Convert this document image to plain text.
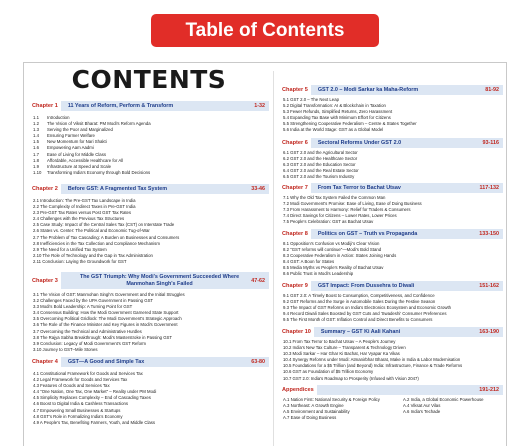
Table of Contents
CONTENTS
Chapter 1	11 Years of Reform, Perform & Transform	1-32
1.1 Introduction
1.2 The Vision of Viksit Bharat: PM Modi's Reform Agenda
1.3 Serving the Poor and Marginalized
1.4 Ensuring Farmer Welfare
1.5 New Momentum for Nari Shakti
1.6 Empowering Aam Aadmi
1.7 Ease of Living for Middle Class
1.8 Affordable, Accessible Healthcare for All
1.9 Infrastructure at Speed and Scale
1.10 Transforming India's Economy through Bold Decisions
Chapter 2	Before GST: A Fragmented Tax System	33-46
2.1 Introduction: The Pre-GST Tax Landscape in India
2.2 The Complexity of Indirect Taxes in Pre-GST India
2.3 Pre-GST Tax Rates versus Post GST Tax Rates
2.4 Challenges with the Previous Tax Structures
2.5 Case Study: Impact of the Central Sales Tax (CST) on Interstate Trade
2.6 States vs. Center: The Political and Economic Tug-of-War
2.7 The Problem of Tax Cascading: A Burden on Businesses and Consumers
2.8 Inefficiencies in the Tax Collection and Compliance Mechanism
2.9 The Need for a Unified Tax System
2.10 The Role of Technology and the Gap in Tax Administration
2.11 Conclusion: Laying the Groundwork for GST
Chapter 3
The GST Triumph: Why Modi's Government Succeeded Where Manmohan Singh's Failed	47-62
3.1 The Vision of GST: Manmohan Singh's Government and the Initial Struggles
3.2 Challenges Faced by the UPA Government in Passing GST
3.3 Modi's Bold Leadership: A Turning Point for GST
3.4 Consensus Building: How the Modi Government Garnered State Support
3.5 Overcoming Political Gridlock: The Modi Government's Strategic Approach
3.6 The Role of the Finance Minister and Key Figures in Modi's Government
3.7 Overcoming the Technical and Administrative Hurdles
3.8 The Rajya Sabha Breakthrough: Modi's Masterstroke in Passing GST
3.9 Conclusion: Legacy of Modi Government's GST Reform
3.10 Journey to GST–Mile Stones
Chapter 4	GST—A Good and Simple Tax	63-80
4.1 Constitutional Framework for Goods and Services Tax
4.2 Legal Framework for Goods and Services Tax
4.3 Features of Goods and Services Tax
4.4 "One Nation, One Tax, One Market" – Reality under PM Modi
4.5 Simplicity Replaces Complexity – End of Cascading Taxes
4.6 Boost to Digital India & Cashless Transactions
4.7 Empowering Small Businesses & Startups
4.8 GST's Role in Formalizing India's Economy
4.9 A People's Tax, Benefiting Farmers, Youth, and Middle Class
Chapter 5	GST 2.0 – Modi Sarkar ka Maha-Reform	81-92
5.1 GST 2.0 – The Next Leap
5.2 Digital Transformation: AI & Blockchain in Taxation
5.3 Fewer Refunds, Simplified Returns, Zero Harassment
5.4 Expanding Tax Base with Minimum Effort for Citizens
5.5 Strengthening Cooperative Federalism – Centre & States Together
5.6 India at the World Stage: GST as a Global Model
Chapter 6	Sectoral Reforms Under GST 2.0	93-116
6.1 GST 2.0 and the Agricultural Sector
6.2 GST 2.0 and the Healthcare Sector
6.3 GST 2.0 and the Education Sector
6.4 GST 2.0 and the Real Estate Sector
6.5 GST 2.0 and the Tourism Industry
Chapter 7	From Tax Terror to Bachat Utsav	117-132
7.1 Why the Old Tax System Failed the Common Man
7.2 Modi Government's Promise: Ease of Living, Ease of Doing Business
7.3 From Harassment to Harmony: Relief for Traders & Consumers
7.4 Direct Savings for Citizens – Lower Rates, Lower Prices
7.5 People's Celebration: GST as Bachat Utsav
Chapter 8	Politics on GST – Truth vs Propaganda	133-150
8.1 Opposition's Confusion vs Modiji's Clear Vision
8.2 "GST reforms will continue"—Modi's Bold Stand
8.3 Cooperative Federalism in Action: States Joining Hands
8.4 GST: A Boon for States
8.5 Media Myths vs People's Reality of Bachat Utsav
8.6 Public Trust in Modi's Leadership
Chapter 9	GST Impact: From Dussehra to Diwali	151-162
9.1 GST 2.0: A Timely Boost to Consumption, Competitiveness, and Confidence
9.2 GST Reforms and the Surge in Automobile Sales During the Festive Season
9.3 The Impact of GST Reforms on India's Electronics Ecosystem and Economic Growth
9.4 Record Diwali Sales Boosted by GST Cuts and 'Swadeshi' Consumer Preferences
9.5 The First Month of GST: Inflation Control and Direct Benefits to Consumers
Chapter 10	Summary – GST Ki Aali Kahani	163-190
10.1 From Tax Terror to Bachat Utsav – A People's Journey
10.2 India's New Tax Culture – Transparent & Technology Driven
10.3 Modi Sarkar – Har Ghar Ki Bachat, Har Vyapar Ka Vikas
10.4 Synergy Reforms under Modi: Atmanirbhar Bharat, Make in India & Labor Modernisation
10.5 Foundations for a $5 Trillion (and Beyond) India: Infrastructure, Finance & Trade Reforms
10.6 GST as Foundation of $5 Trillion Economy
10.7 GST 2.0: India's Roadmap to Prosperity (Infused with Vision 2047)
Appendices	191-212
A.1 Nation First: National Security & Foreign Policy	A.2 India, a Global Economic Powerhouse
A.3 Northeast: A Growth Engine	A.4 Viksat Aur Vilas
A.5 Environment and Sustainability	A.6 India's Techade
A.7 Ease of Doing Business
